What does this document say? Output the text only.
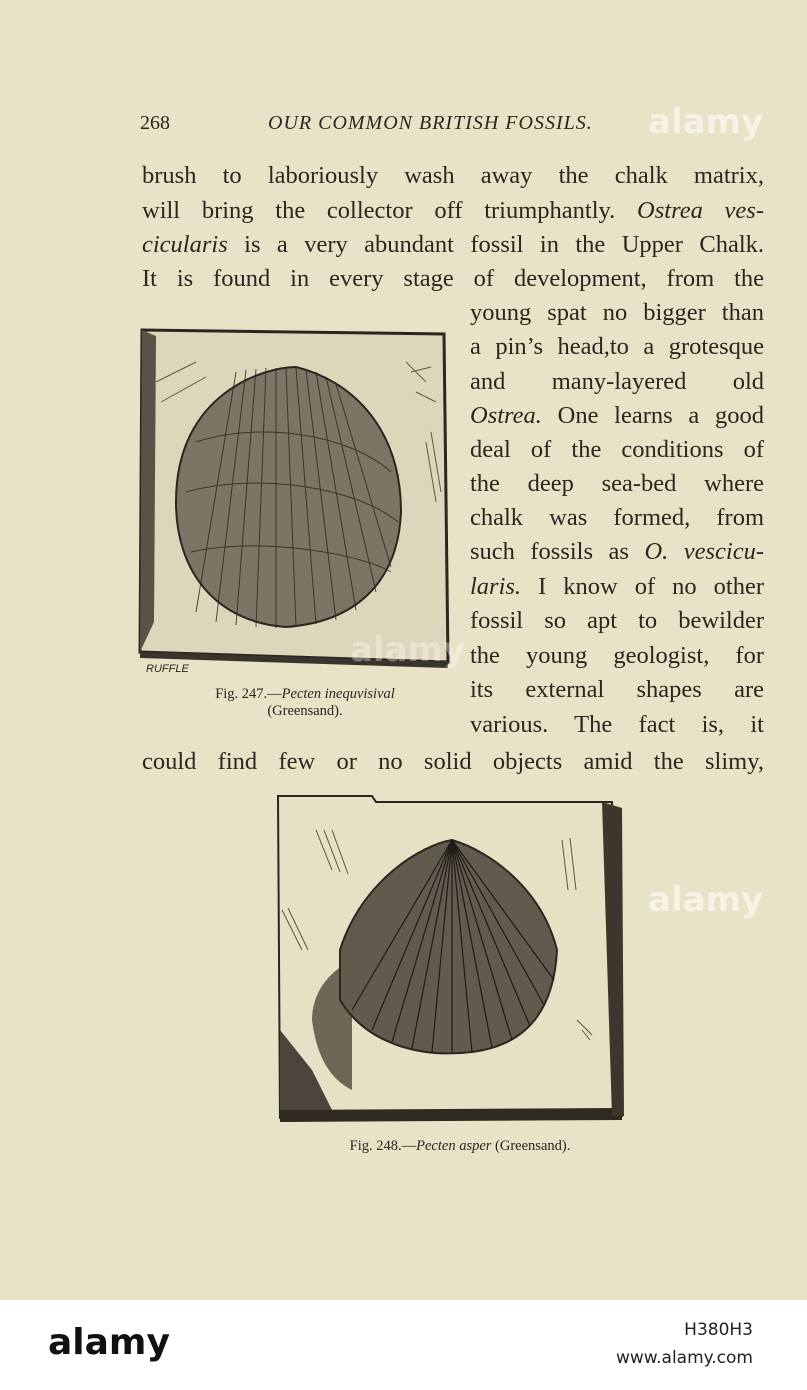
268	OUR COMMON BRITISH FOSSILS.
brush to laboriously wash away the chalk matrix,
will bring the collector off triumphantly. Ostrea ves-
cicularis is a very abundant fossil in the Upper Chalk.
It is found in every stage of development, from the
young spat no bigger than
a pin’s head,to a grotesque
and many-layered old
Ostrea. One learns a good
deal of the conditions of
the deep sea-bed where
chalk was formed, from
such fossils as O. vescicu-
laris. I know of no other
fossil so apt to bewilder
the young geologist, for
its external shapes are
various. The fact is, it
could find few or no solid objects amid the slimy,
RUFFLE
Fig. 247.—Pecten inequvisival
(Greensand).
Fig. 248.—Pecten asper (Greensand).
alamy
alamy
alamy
alamy	H380H3
www.alamy.com
